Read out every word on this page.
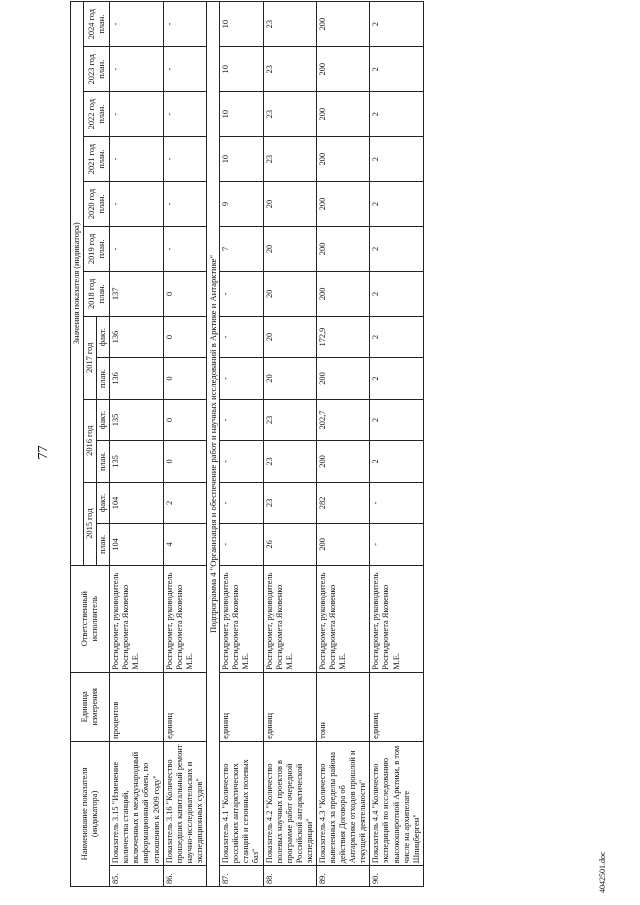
77
Наименование показателя (индикатора)		Единица измерения	Ответственный исполнитель	Значения показателя (индикатора)												
				2015 год		2016 год		2017 год		2018 год план.	2019 год план.	2020 год план.	2021 год план.	2022 год план.	2023 год план.	2024 год план.
				план.	факт.	план.	факт.	план.	факт.							
85.	Показатель 3.15 "Изменение количества станций, включенных в международный информационный обмен, по отношению к 2009 году"	процентов	Росгидромет, руководитель Росгидромета Яковенко М.Е.	104	104	135	135	136	136	137	-	-	-	-	-	-
86.	Показатель 3.16 "Количество прошедших капитальный ремонт научно-исследовательских и экспедиционных судов"	единиц	Росгидромет, руководитель Росгидромета Яковенко М.Е.	4	2	0	0	0	0	0	-	-	-	-	-	-
Подпрограмма 4 "Организация и обеспечение работ и научных исследований в Арктике и Антарктике"																
87.	Показатель 4.1 "Количество российских антарктических станций и сезонных полевых баз"	единиц	Росгидромет, руководитель Росгидромета Яковенко М.Е.	-	-	-	-	-	-	-	7	9	10	10	10	10
88.	Показатель 4.2 "Количество полевых научных проектов в программе работ очередной Российской антарктической экспедиции"	единиц	Росгидромет, руководитель Росгидромета Яковенко М.Е.	26	23	23	23	20	20	20	20	20	23	23	23	23
89.	Показатель 4.3 "Количество вывезенных за пределы района действия Договора об Антарктике отходов прошлой и текущей деятельности"	тонн	Росгидромет, руководитель Росгидромета Яковенко М.Е.	200	282	200	202,7	200	172,9	200	200	200	200	200	200	200
90.	Показатель 4.4 "Количество экспедиций по исследованию высокоширотной Арктики, в том числе на архипелаге Шпицберген"	единиц	Росгидромет, руководитель Росгидромета Яковенко М.Е.	-	-	2	2	2	2	2	2	2	2	2	2	2
4042501.doc
